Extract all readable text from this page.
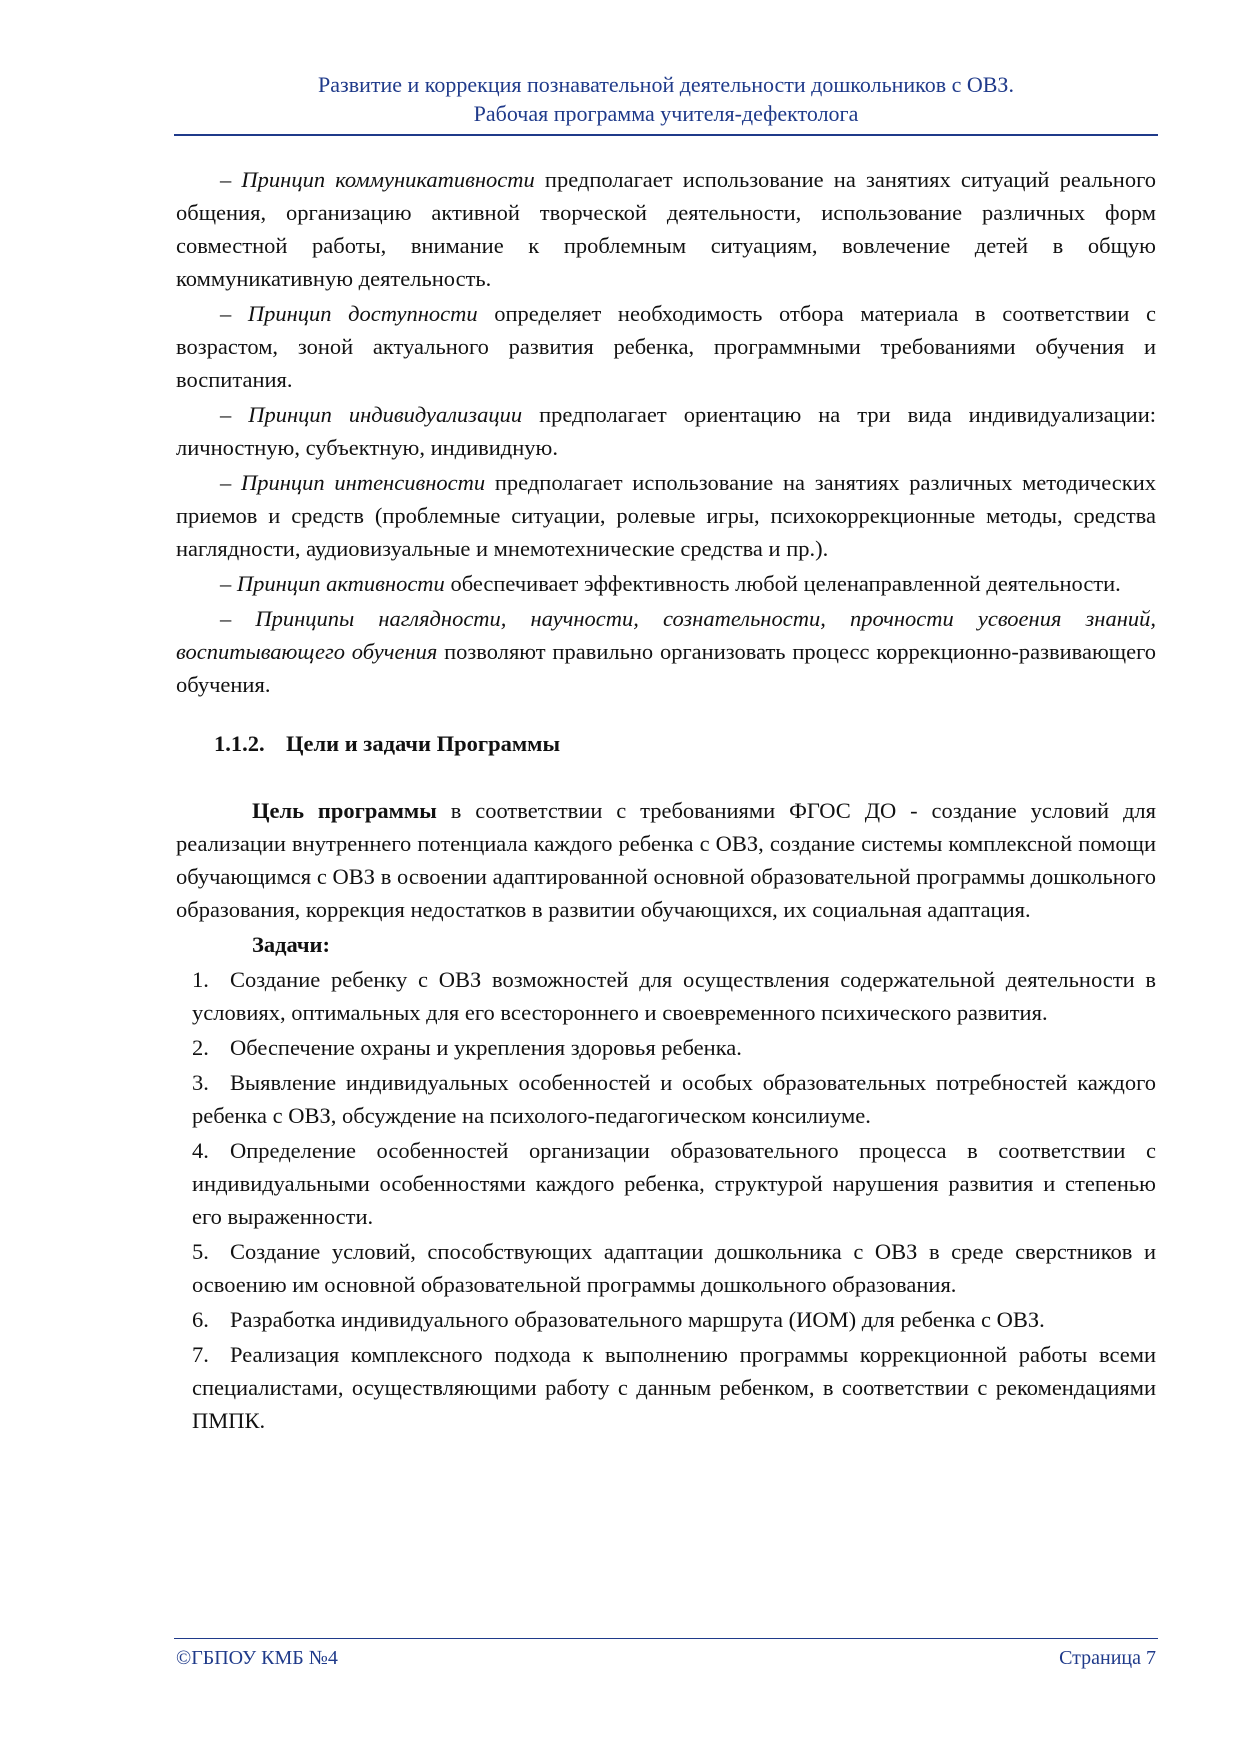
Развитие и коррекция познавательной деятельности дошкольников с ОВЗ.
Рабочая программа учителя-дефектолога

– Принцип коммуникативности предполагает использование на занятиях ситуаций реального общения, организацию активной творческой деятельности, использование различных форм совместной работы, внимание к проблемным ситуациям, вовлечение детей в общую коммуникативную деятельность.

– Принцип доступности определяет необходимость отбора материала в соответствии с возрастом, зоной актуального развития ребенка, программными требованиями обучения и воспитания.

– Принцип индивидуализации предполагает ориентацию на три вида индивидуализации: личностную, субъектную, индивидную.

– Принцип интенсивности предполагает использование на занятиях различных методических приемов и средств (проблемные ситуации, ролевые игры, психокоррекционные методы, средства наглядности, аудиовизуальные и мнемотехнические средства и пр.).

– Принцип активности обеспечивает эффективность любой целенаправленной деятельности.

– Принципы наглядности, научности, сознательности, прочности усвоения знаний, воспитывающего обучения позволяют правильно организовать процесс коррекционно-развивающего обучения.

1.1.2. Цели и задачи Программы

Цель программы в соответствии с требованиями ФГОС ДО - создание условий для реализации внутреннего потенциала каждого ребенка с ОВЗ, создание системы комплексной помощи обучающимся с ОВЗ в освоении адаптированной основной образовательной программы дошкольного образования, коррекция недостатков в развитии обучающихся, их социальная адаптация.

Задачи:

1. Создание ребенку с ОВЗ возможностей для осуществления содержательной деятельности в условиях, оптимальных для его всестороннего и своевременного психического развития.

2. Обеспечение охраны и укрепления здоровья ребенка.

3. Выявление индивидуальных особенностей и особых образовательных потребностей каждого ребенка с ОВЗ, обсуждение на психолого-педагогическом консилиуме.

4. Определение особенностей организации образовательного процесса в соответствии с индивидуальными особенностями каждого ребенка, структурой нарушения развития и степенью его выраженности.

5. Создание условий, способствующих адаптации дошкольника с ОВЗ в среде сверстников и освоению им основной образовательной программы дошкольного образования.

6. Разработка индивидуального образовательного маршрута (ИОМ) для ребенка с ОВЗ.

7. Реализация комплексного подхода к выполнению программы коррекционной работы всеми специалистами, осуществляющими работу с данным ребенком, в соответствии с рекомендациями ПМПК.

©ГБПОУ КМБ №4	Страница 7
